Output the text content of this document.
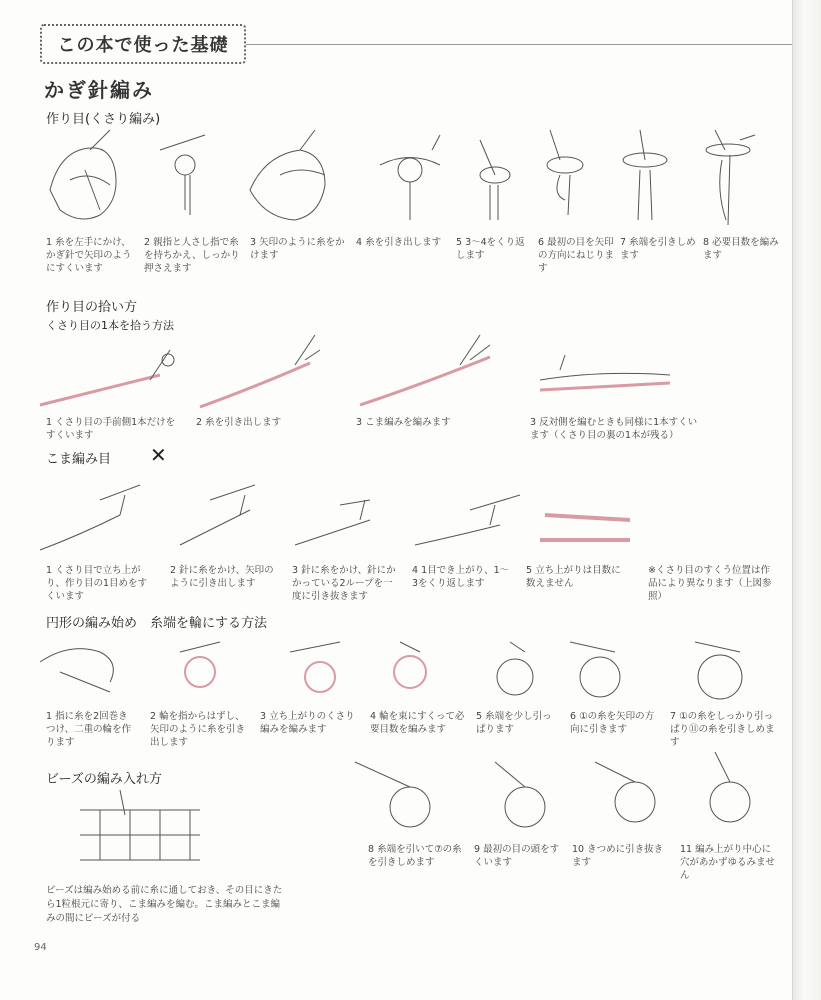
この本で使った基礎
かぎ針編み
作り目(くさり編み)
1 糸を左手にかけ、かぎ針で矢印のようにすくいます
2 親指と人さし指で糸を持ちかえ、しっかり押さえます
3 矢印のように糸をかけます
4 糸を引き出します	5 3〜4をくり返します
6 最初の目を矢印の方向にねじります
7 糸端を引きしめます
8 必要目数を編みます
作り目の拾い方
くさり目の1本を拾う方法
1 くさり目の手前側1本だけをすくいます
2 糸を引き出します	3 こま編みを編みます	3 反対側を編むときも同様に1本すくいます（くさり目の裏の1本が残る）
こま編み目 ✕
1 くさり目で立ち上がり、作り目の1目めをすくいます
2 針に糸をかけ、矢印のように引き出します
3 針に糸をかけ、針にかかっている2ループを一度に引き抜きます
4 1目でき上がり、1〜3をくり返します
5 立ち上がりは目数に数えません
※くさり目のすくう位置は作品により異なります（上図参照）
円形の編み始め　糸端を輪にする方法
1 指に糸を2回巻きつけ、二重の輪を作ります
2 輪を指からはずし、矢印のように糸を引き出します
3 立ち上がりのくさり編みを編みます
4 輪を束にすくって必要目数を編みます
5 糸端を少し引っぱります
6 ①の糸を矢印の方向に引きます
7 ①の糸をしっかり引っぱり⑪の糸を引きしめます
ビーズの編み入れ方
8 糸端を引いて⑦の糸を引きしめます
9 最初の目の頭をすくいます
10 きつめに引き抜きます
11 編み上がり中心に穴があかずゆるみません
ビーズは編み始める前に糸に通しておき、その目にきたら1粒根元に寄り、こま編みを編む。こま編みとこま編みの間にビーズが付る
94
